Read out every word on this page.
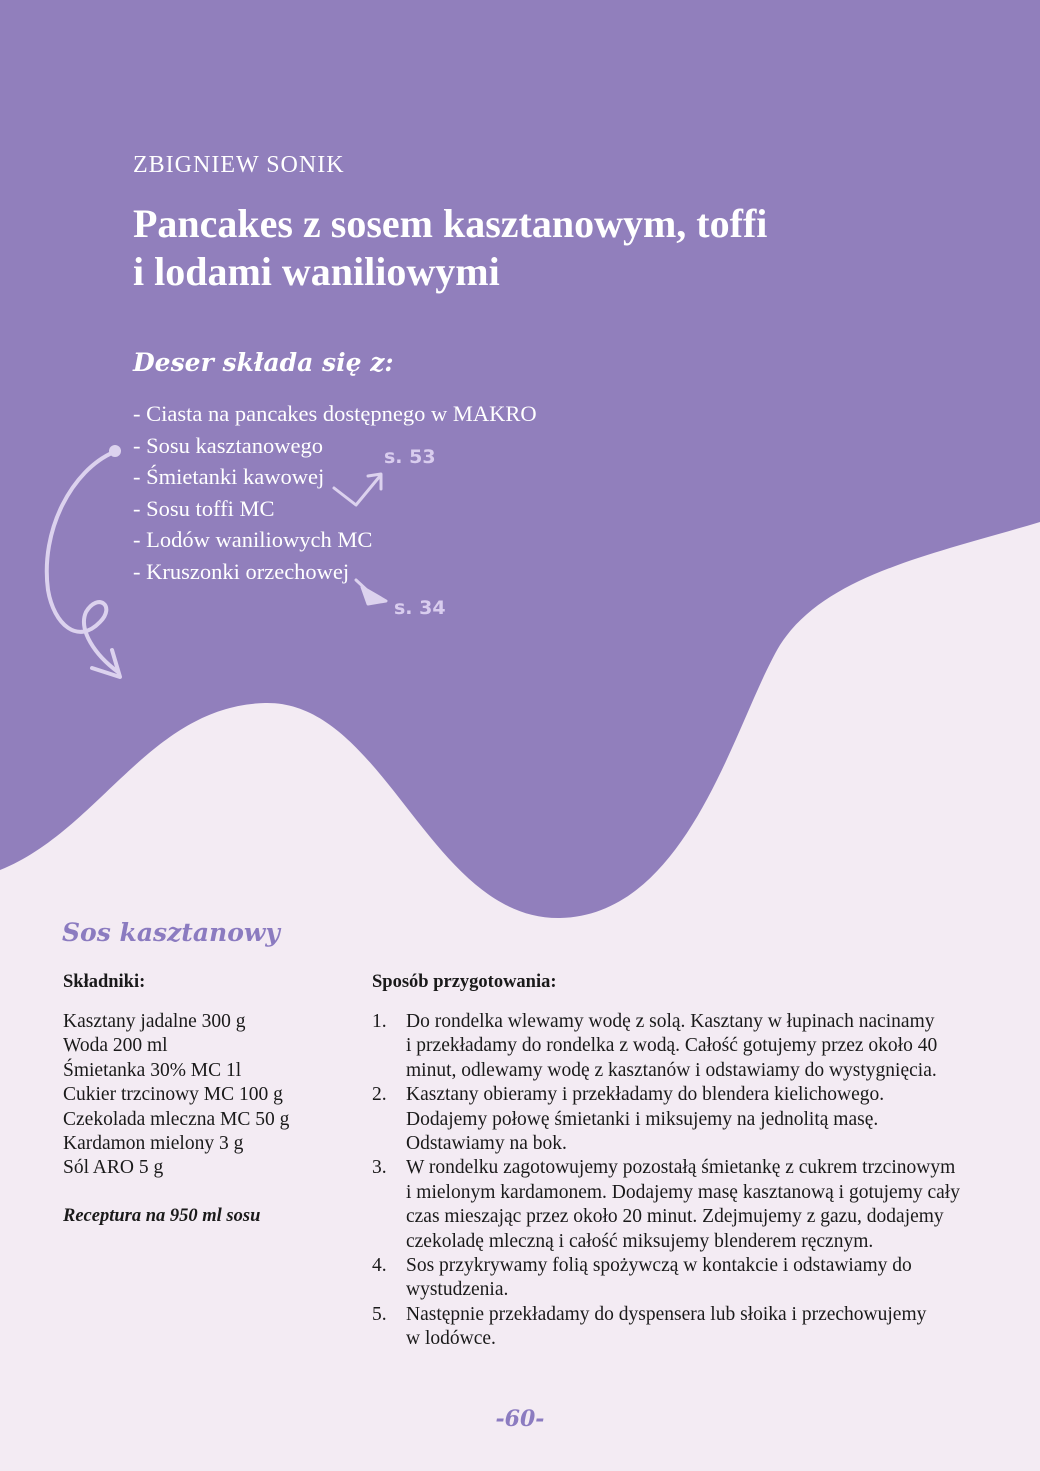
ZBIGNIEW SONIK
Pancakes z sosem kasztanowym, toffi
i lodami waniliowymi
Deser składa się z:
- Ciasta na pancakes dostępnego w MAKRO
- Sosu kasztanowego
- Śmietanki kawowej
- Sosu toffi MC
- Lodów waniliowych MC
- Kruszonki orzechowej
s. 53
s. 34
Sos kasztanowy
Składniki:	Sposób przygotowania:
Kasztany jadalne 300 g
Woda 200 ml
Śmietanka 30% MC 1l
Cukier trzcinowy MC 100 g
Czekolada mleczna MC 50 g
Kardamon mielony 3 g
Sól ARO 5 g

Receptura na 950 ml sosu

1. Do rondelka wlewamy wodę z solą. Kasztany w łupinach nacinamy
i przekładamy do rondelka z wodą. Całość gotujemy przez około 40
minut, odlewamy wodę z kasztanów i odstawiamy do wystygnięcia.
2. Kasztany obieramy i przekładamy do blendera kielichowego.
Dodajemy połowę śmietanki i miksujemy na jednolitą masę.
Odstawiamy na bok.
3. W rondelku zagotowujemy pozostałą śmietankę z cukrem trzcinowym
i mielonym kardamonem. Dodajemy masę kasztanową i gotujemy cały
czas mieszając przez około 20 minut. Zdejmujemy z gazu, dodajemy
czekoladę mleczną i całość miksujemy blenderem ręcznym.
4. Sos przykrywamy folią spożywczą w kontakcie i odstawiamy do
wystudzenia.
5. Następnie przekładamy do dyspensera lub słoika i przechowujemy
w lodówce.

-60-
